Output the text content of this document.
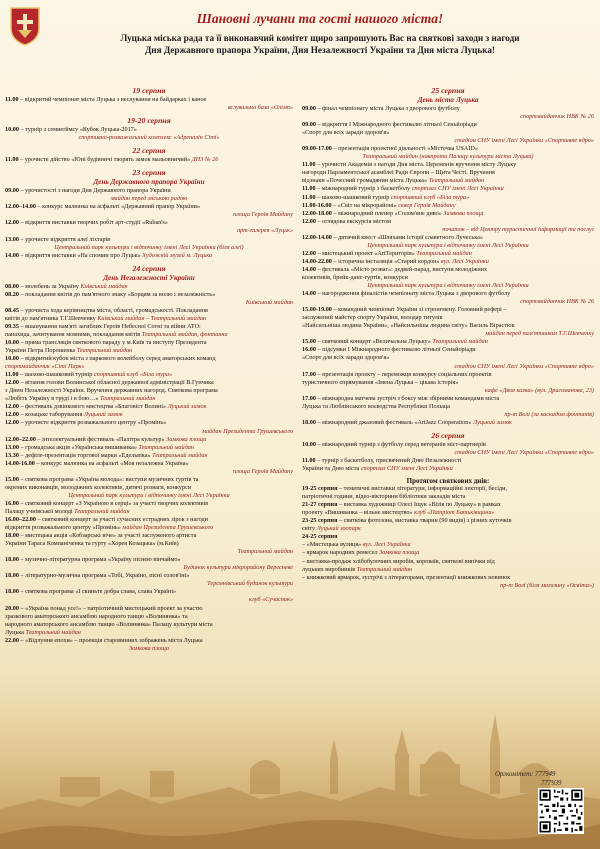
Шановні лучани та гості нашого міста!
Луцька міська рада та її виконавчий комітет щиро запрошують Вас на святкові заходи з нагоди
Дня Державного прапора України, Дня Незалежності України та Дня міста Луцька!
19 серпня
11.00 – відкритий чемпіонат міста Луцька з веслування на байдарках і каное
вслувальна база «Олімп»
19-20 серпня
10.00 – турнір з семиеґймсу «Кубок Луцька-2017»
спортивно-розважальний комплекс «Адреналін Сіті»
22 серпня
11.00 – урочисте дійство «Юні будівничі творять замок мальовничий» ДНЗ № 26
23 серпня
День Державного прапора України
09.00 – урочистості з нагоди Дня Державного прапора України
майдан перед міською радою
12.00–14.00 – конкурс малюнка на асфальті «Державний прапор України»
площа Героїв Майдану
12.00 – відкриття виставки творчих робіт арт-студії «Ruban's»
арт-галерея «Луцьк»
13.00 – урочисте відкриття алеї ліхтарів
Центральний парк культури і відпочинку імені Лесі Українки (біля алеї)
14.00 – відкриття виставки «На спомин про Луцьк» Художній музей м. Луцька
24 серпня
День Незалежності України
08.00 – молебень за Україну Київський майдан
08.20 – покладання квітів до пам'ятного знаку «Борцям за волю і незалежність»
Київський майдан
08.45 – урочиста хода керівництва міста, області, громадськості. Покладання
квітів до пам'ятника Т.Г.Шевченку Київський майдан – Театральний майдан
09.35 – вшанування пам'яті загиблих Героїв Небесної Сотні та війни АТО:
панахида, зачитування мовними, покладання квітів Театральний майдан, фонтанна
10.00 – пряма трансляція святкового параду у м.Київ та виступу Президента
України Петра Порошенка Театральний майдан
10.00 – відкритий кубок міста з паркового волейболу серед аматорських команд
спортмайданчик «Сіті Парк»
11.00 – шахово-шашковий турнір спортивний клуб «Біла тура»
12.00 – вітання голови Волинської обласної державної адміністрації В.Гунчика
з Днем Незалежності України. Вручення державних нагород. Святкова програма
«Любіть Україну в труді і в бою…» Театральний майдан
12.00 – фестиваль дзвінкового мистецтва «Благовіст Волині» Луцький замок
12.00 – козацьке таборування Луцький замок
12.00 – урочисте відкриття розважального центру «Промінь»
майдан Президента Грушевського
12.00–22.00 – інтелектуальний фестиваль «Палітра культур» Замкова площа
13.00 – громадська акція «Українська вишиванка» Театральний майдан
13.30 – дефіле-презентація торгової марки «Едельвіка» Театральний майдан
14.00-16.00 – конкурс малюнка на асфальті «Моя незалежна Україна»
площа Героїв Майдану
15.00 – святкова програма «Україна молода»: виступи музичних гуртів та
окремих виконавців, молодіжних колективів, дитячі розваги, конкурси
Центральний парк культури і відпочинку імені Лесі Українки
16.00 – святковий концерт «З Україною в серці» за участі творчих колективів
Палацу учнівської молоді Театральний майдан
16.00–22.00 – святковий концерт за участі сучасних естрадних зірок з нагоди
відкриття розважального центру «Промінь» майдан Президента Грушевського
18.00 – мистецька акція «Кобзарські віче» за участі заслуженого артиста
України Тараса Компаніченка та гурту «Хорея Козацька» (м.Київ)
Театральний майдан
18.00 – музично-літературна програма «Україну піснею вінчаймо»
Будинок культури мікрорайону Вересневе
18.00 – літературно-музична програма «Тобі, Україно, пісні солов'їні»
Теремнівський будинок культури
18.00 – святкова програма «І скиньте добра слава, слава Україні»
клуб «Сучасник»
20.00 – «Україна понад усе!» – патріотичний мистецький проект за участю
зразкового аматорського ансамблю народного танцю «Волинянка» та
народного аматорського ансамблю танцю «Волинянка» Палацу культури міста
Луцька Театральний майдан
22.00 – «Відлуння епохи» – проекція старовинних зображень міста Луцька
Замкова площа
25 серпня
День міста Луцька
09.00 – фінал чемпіонату міста Луцька з дворового футболу
спортмайданчик НВК № 26
09.00 – відкриття І Міжнародного фестивалю літньої Сеньйоріади
«Спорт для всіх заради здоров'я»
стадіон СНУ імені Лесі Українки «Спортивне ядро»
09.00-17.00 – презентація проектної діяльності «Містечка USAID»
Театральний майдан (навпроти Палацу культури міста Луцька)
11.00 – урочисти Академія з нагоди Дня міста. Церемонія вручення місту Луцьку
нагороди Парламентської асамблеї Ради Європи – Щита Честі. Вручення
відзнаки «Почесний громадянин міста Луцька» Театральний майдан
11.00 – міжнародний турнір з баскетболу спортзал СНУ імені Лесі Українки
11.00 – шахово-шашковий турнір спортивний клуб «Біла тура»
11.00-16.00 – «Світ на мікрорайоні» сквер Героїв Майдану
12.00-18.00 – міжнародний пленер «Солом'яне диво» Замкова площа
12.00 – оглядова екскурсія містом
початок – від Центру туристичної інформації та послуг
12.00-14.00 – дитячий квест «Шляхами історії славетного Лучеська»
Центральний парк культури і відпочинку імені Лесі Українки
12.00 – мистецький проект «ArtТериторія» Театральний майдан
14.00-22.00 – історична інсталяція «Старий кордон» вул. Лесі Українки
14.00 – фестиваль «Місто розваг»: дедвей-парад, виступи молодіжних
колективів, брейк-данс-гуртів, конкурси
Центральний парк культури і відпочинку імені Лесі Українки
14.00 – нагородження фіналістів чемпіонату міста Луцька з дворового футболу
спортмайданчик НВК № 26
15.00-19.00 – командний чемпіонат України зі стронгмену. Головний рефері –
заслужений майстер спорту України, володар титулів
«Найсильніша людина України», «Найсильніша людина світу» Василь Вірастюк
майдан перед пам'ятником Т.Г.Шевченку
15.00 – святковий концерт «Величальна Луцьку» Театральний майдан
16.00 – підсумки І Міжнародного фестивалю літньої Сеньйоріади
«Спорт для всіх заради здоров'я»
стадіон СНУ імені Лесі Українки «Спортивне ядро»
17.00 – презентація проекту – переможця конкурсу соціальних проектів
туристичного спрямування «Імена Луцька – цікава історія»
кафе «Двоя казка» (вул. Драгоманова, 23)
17.00 – міжнародна матчева зустріч з боксу між збірними командами міста
Луцька та Люблінського воєводства Республіки Польща
пр-т Волі (за каскадом фонтанів)
18.00 – міжнародний джазовий фестиваль «ArtJazz Cooperation» Луцький замок
26 серпня
10.00 – міжнародний турнір з футболу серед ветеранів міст-партнерів
стадіон СНУ імені Лесі Українки «Спортивне ядро»
11.00 – турнір з баскетболу, присвячений Дню Незалежності
України та Дню міста спортзал СНУ імені Лесі Українки
Протягом святкових днів:
19-25 серпня – тематичні виставки літератури, інформаційні лекторії, бесіди,
патріотичні години, відео-вікторини бібліотеки закладів міста
21-27 серпня – виставка художниці Олесі Іщук «Візія по Луцьку» в рамках
проекту «Вишиванка – вільне мистецтво» клуб «Патріот Батьківщини»
23-25 серпня – святкова фотозона, виставка тварин (90 видів) з різних куточків
світу Луцький зоопарк
24-25 серпня
– «Мистецька вулиця» вул. Лесі Українки
– ярмарок народних ремесел Замкова площа
– виставка-продаж хлібобулочних виробів, короваїв, святкові випічки від
луцьких виробників Театральний майдан
– книжковий ярмарок, зустрічі з літераторами, презентації книжкових новинок
пр-т Волі (біля магазину «Освіта»)
Оргкомітет: 777949
777939
